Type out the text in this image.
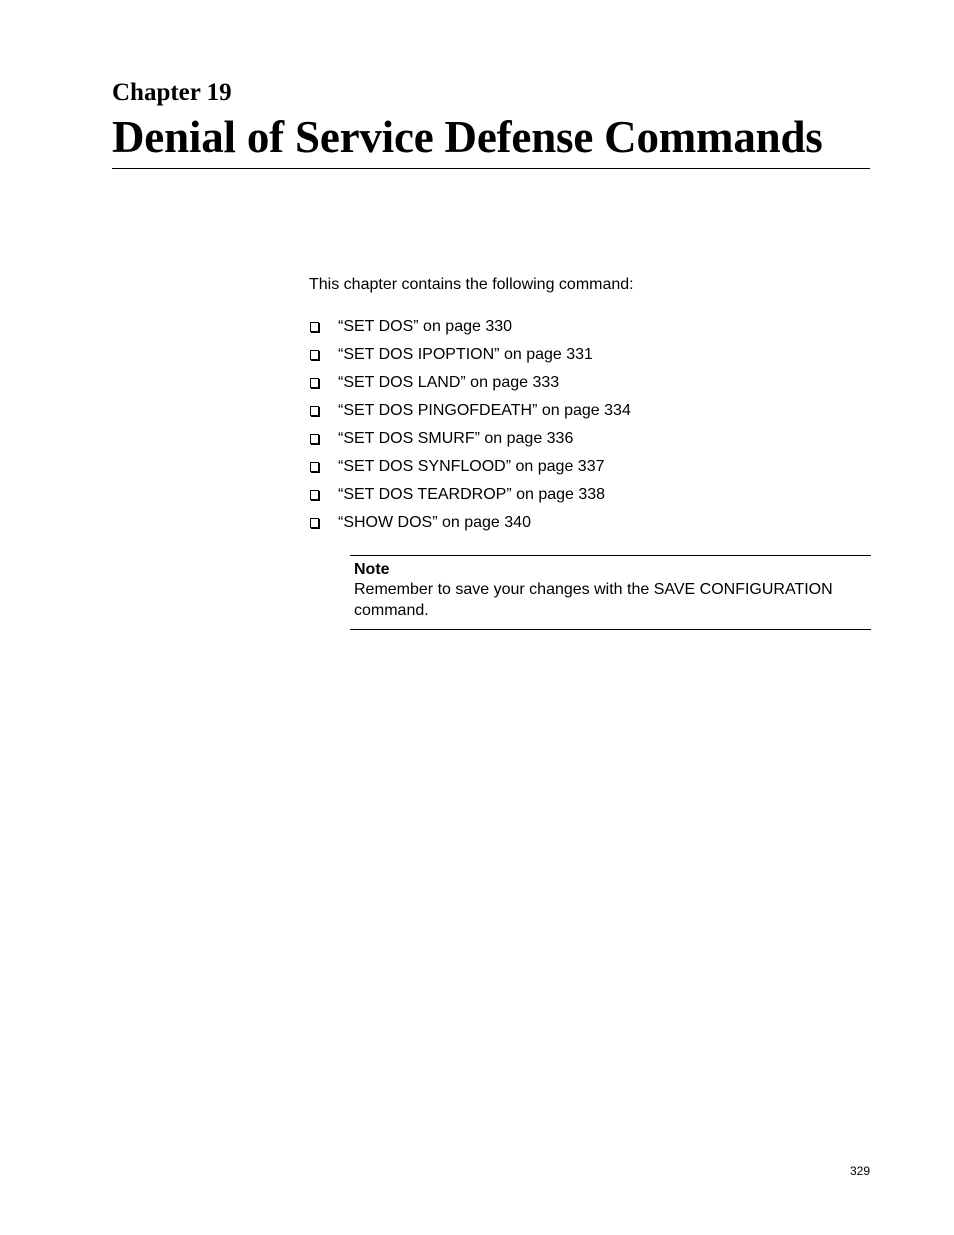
Chapter 19
Denial of Service Defense Commands

This chapter contains the following command:

“SET DOS” on page 330
“SET DOS IPOPTION” on page 331
“SET DOS LAND” on page 333
“SET DOS PINGOFDEATH” on page 334
“SET DOS SMURF” on page 336
“SET DOS SYNFLOOD” on page 337
“SET DOS TEARDROP” on page 338
“SHOW DOS” on page 340

Note

Remember to save your changes with the SAVE CONFIGURATION command.

329
